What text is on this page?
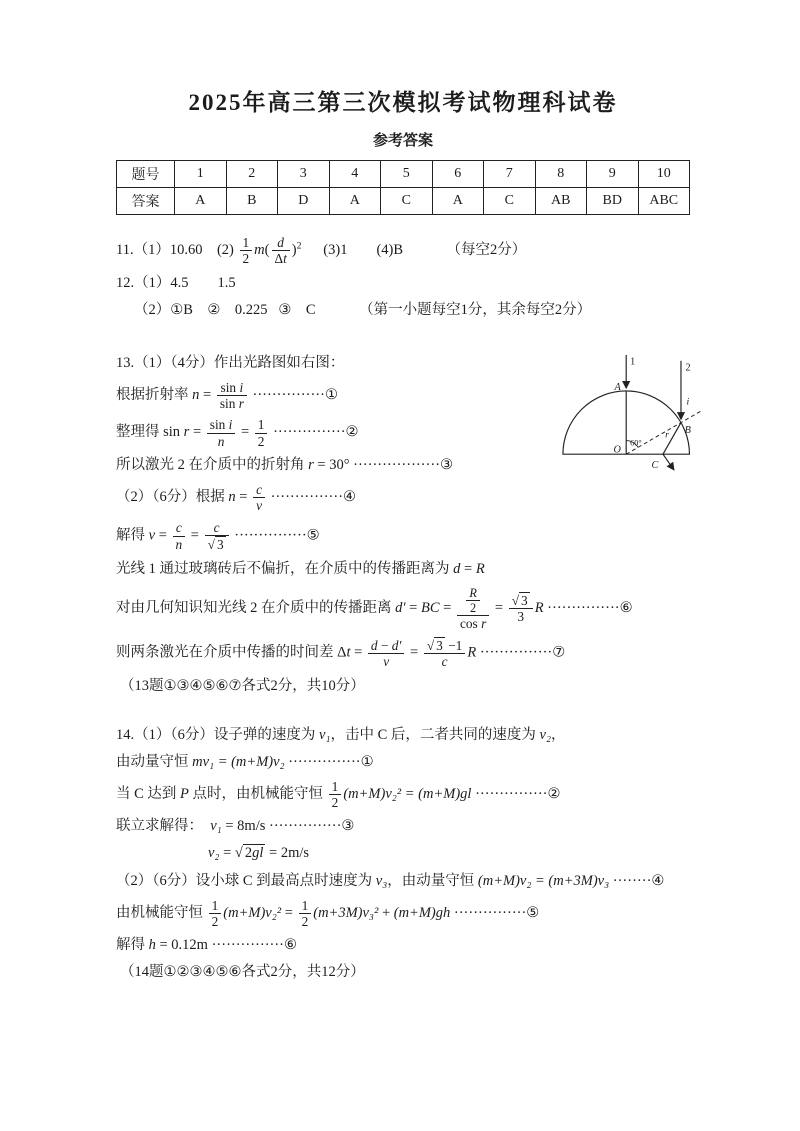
2025年高三第三次模拟考试物理科试卷
参考答案
题号	1	2	3	4	5	6	7	8	9	10
答案	A	B	D	A	C	A	C	AB	BD	ABC
11.（1）10.60    $(2) \frac{1}{2} m( \frac{d}{\Delta t} )^2$      (3)1        (4)B            （每空2分）
12.（1）4.5        1.5
（2）①B    ②    0.225   ③    C            （第一小题每空1分，其余每空2分）
13.（1）（4分）作出光路图如右图：
根据折射率 $n = \frac{\text{sin i}}{\text{sin r}}$ ···············①
整理得 $\sin r = \frac{\text{sin i}}{n} = \frac{1}{2}$ ···············②
所以激光 2 在介质中的折射角 r = 30° ··················③
（2）（6分）根据 $n = \frac{c}{v}$ ···············④
解得 $v = \frac{c}{n} = \frac{c}{√ 3}$ ···············⑤
光线 1 通过玻璃砖后不偏折，在介质中的传播距离为 d = R
对由几何知识知光线 2 在介质中的传播距离 d′ = BC = $\frac{\frac{R}{2}}{\text{cos r}} = \frac{√ 3}{3}$ R ···············⑥
则两条激光在介质中传播的时间差 $\Delta t = \frac{d - d'}{v} = \frac{√ 3 -1}{c}$ R ···············⑦
（13题①③④⑤⑥⑦各式2分，共10分）
1
2
A
B
C
O
60°
i
r
14.（1）（6分）设子弹的速度为 v₁，击中 C 后，二者共同的速度为 v₂，
由动量守恒 mv₁ = (m+M)v₂ ···············①
当 C 达到 P 点时，由机械能守恒 $\frac{1}{2} (m+M)v_2^2 = (m+M)gl$ ···············②
联立求解得：  v₁ = 8m/s ···············③
v₂ = √ 2gl = 2m/s
（2）（6分）设小球 C 到最高点时速度为 v₃，由动量守恒 (m+M)v₂ = (m+3M)v₃ ········④
由机械能守恒 $\frac{1}{2} (m+M)v_2^2 = \frac{1}{2} (m+3M)v_3^2 + (m+M)gh$ ···············⑤
解得 h = 0.12m ···············⑥
（14题①②③④⑤⑥各式2分，共12分）
